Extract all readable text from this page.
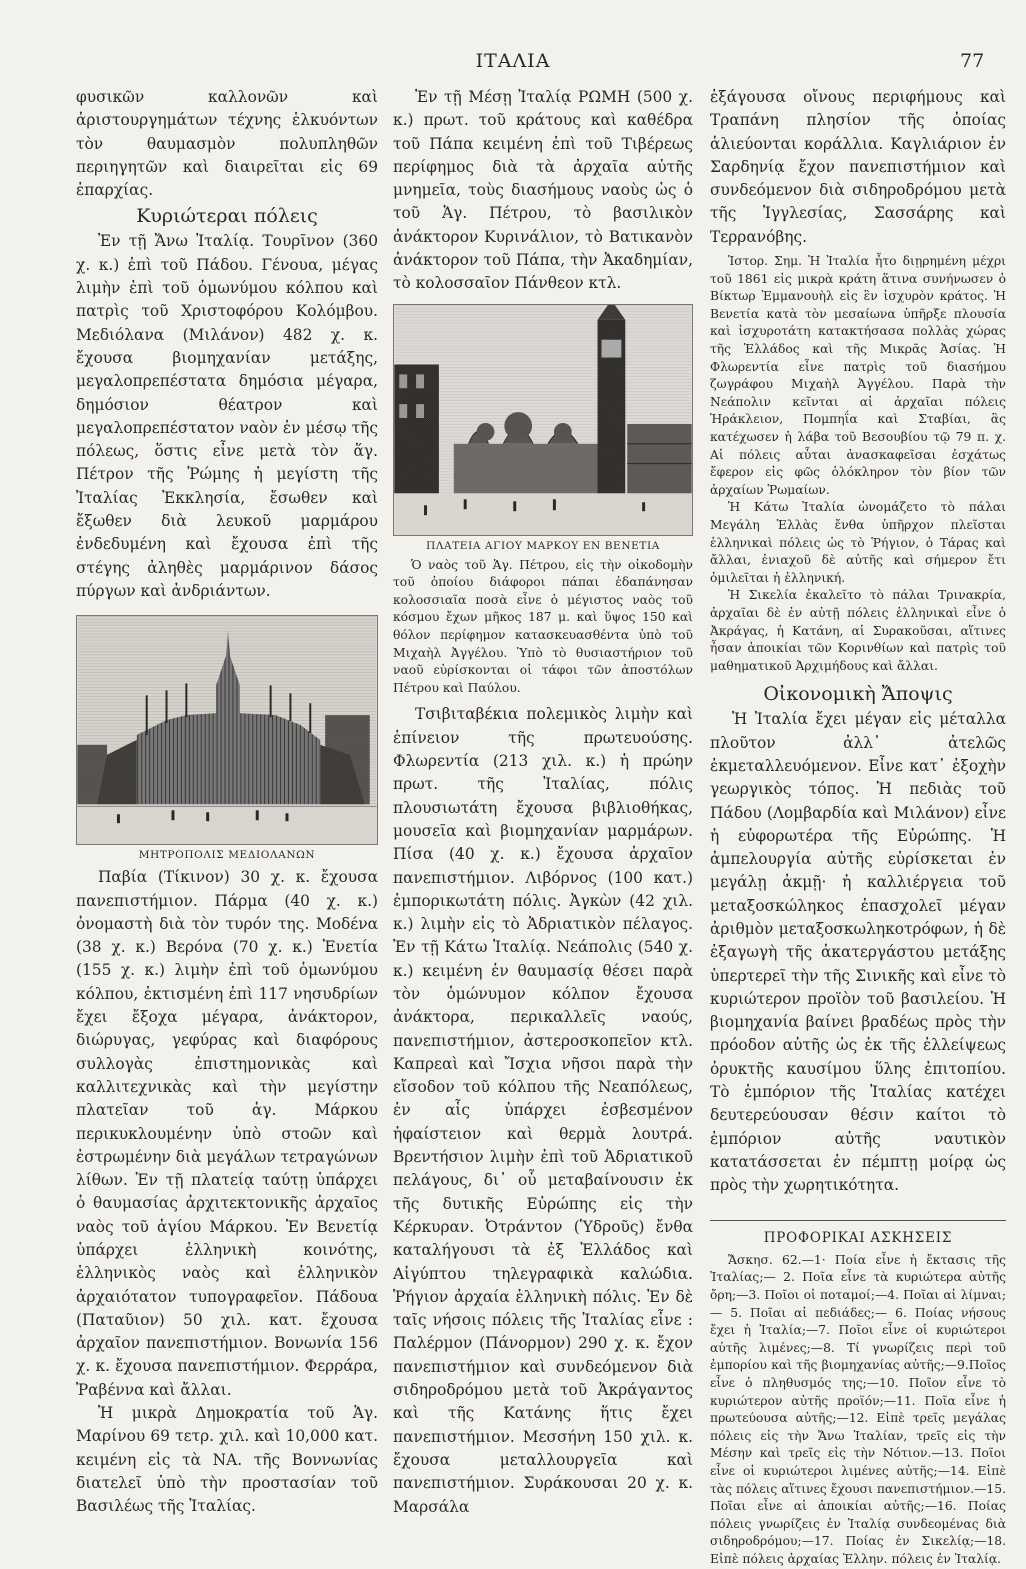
ΙΤΑΛΙΑ	77

φυσικῶν καλλονῶν καὶ ἀριστουργημάτων τέχνης ἑλκυόντων τὸν θαυμασμὸν πολυπληθῶν περιηγητῶν καὶ διαιρεῖται εἰς 69 ἐπαρχίας.

Κυριώτεραι πόλεις

Ἐν τῇ Ἄνω Ἰταλίᾳ. Τουρῖνον (360 χ. κ.) ἐπὶ τοῦ Πάδου. Γένουα, μέγας λιμὴν ἐπὶ τοῦ ὁμωνύμου κόλπου καὶ πατρὶς τοῦ Χριστοφόρου Κολόμβου. Μεδιόλανα (Μιλάνον) 482 χ. κ. ἔχουσα βιομηχανίαν μετάξης, μεγαλοπρεπέστατα δημόσια μέγαρα, δημόσιον θέατρον καὶ μεγαλοπρεπέστατον ναὸν ἐν μέσῳ τῆς πόλεως, ὅστις εἶνε μετὰ τὸν ἅγ. Πέτρον τῆς Ῥώμης ἡ μεγίστη τῆς Ἰταλίας Ἐκκλησία, ἔσωθεν καὶ ἔξωθεν διὰ λευκοῦ μαρμάρου ἐνδεδυμένη καὶ ἔχουσα ἐπὶ τῆς στέγης ἀληθὲς μαρμάρινον δάσος πύργων καὶ ἀνδριάντων.

ΜΗΤΡΟΠΟΛΙΣ ΜΕΔΙΟΛΑΝΩΝ

Παβία (Τίκινον) 30 χ. κ. ἔχουσα πανεπιστήμιον. Πάρμα (40 χ. κ.) ὀνομαστὴ διὰ τὸν τυρόν της. Μοδένα (38 χ. κ.) Βερόνα (70 χ. κ.) Ἐνετία (155 χ. κ.) λιμὴν ἐπὶ τοῦ ὁμωνύμου κόλπου, ἐκτισμένη ἐπὶ 117 νησυδρίων ἔχει ἔξοχα μέγαρα, ἀνάκτορον, διώρυγας, γεφύρας καὶ διαφόρους συλλογὰς ἐπιστημονικὰς καὶ καλλιτεχνικὰς καὶ τὴν μεγίστην πλατεῖαν τοῦ ἁγ. Μάρκου περικυκλουμένην ὑπὸ στοῶν καὶ ἐστρωμένην διὰ μεγάλων τετραγώνων λίθων. Ἐν τῇ πλατείᾳ ταύτῃ ὑπάρχει ὁ θαυμασίας ἀρχιτεκτονικῆς ἀρχαῖος ναὸς τοῦ ἁγίου Μάρκου. Ἐν Βενετίᾳ ὑπάρχει ἑλληνικὴ κοινότης, ἑλληνικὸς ναὸς καὶ ἑλληνικὸν ἀρχαιότατον τυπογραφεῖον. Πάδουα (Παταῦιον) 50 χιλ. κατ. ἔχουσα ἀρχαῖον πανεπιστήμιον. Βονωνία 156 χ. κ. ἔχουσα πανεπιστήμιον. Φερράρα, Ῥαβέννα καὶ ἄλλαι.

Ἡ μικρὰ Δημοκρατία τοῦ Ἁγ. Μαρίνου 69 τετρ. χιλ. καὶ 10,000 κατ. κειμένη εἰς τὰ ΝΑ. τῆς Βοννωνίας διατελεῖ ὑπὸ τὴν προστασίαν τοῦ Βασιλέως τῆς Ἰταλίας.

Ἐν τῇ Μέσῃ Ἰταλίᾳ ΡΩΜΗ (500 χ. κ.) πρωτ. τοῦ κράτους καὶ καθέδρα τοῦ Πάπα κειμένη ἐπὶ τοῦ Τιβέρεως περίφημος διὰ τὰ ἀρχαῖα αὐτῆς μνημεῖα, τοὺς διασήμους ναοὺς ὡς ὁ τοῦ Ἁγ. Πέτρου, τὸ βασιλικὸν ἀνάκτορον Κυρινάλιον, τὸ Βατικανὸν ἀνάκτορον τοῦ Πάπα, τὴν Ἀκαδημίαν, τὸ κολοσσαῖον Πάνθεον κτλ.

ΠΛΑΤΕΙΑ ΑΓΙΟΥ ΜΑΡΚΟΥ ΕΝ ΒΕΝΕΤΙΑ

Ὁ ναὸς τοῦ Ἁγ. Πέτρου, εἰς τὴν οἰκοδομὴν τοῦ ὁποίου διάφοροι πάπαι ἐδαπάνησαν κολοσσιαῖα ποσὰ εἶνε ὁ μέγιστος ναὸς τοῦ κόσμου ἔχων μῆκος 187 μ. καὶ ὕψος 150 καὶ θόλον περίφημον κατασκευασθέντα ὑπὸ τοῦ Μιχαὴλ Ἀγγέλου. Ὑπὸ τὸ θυσιαστήριον τοῦ ναοῦ εὑρίσκονται οἱ τάφοι τῶν ἀποστόλων Πέτρου καὶ Παύλου.

Τσιβιταβέκια πολεμικὸς λιμὴν καὶ ἐπίνειον τῆς πρωτευούσης. Φλωρεντία (213 χιλ. κ.) ἡ πρώην πρωτ. τῆς Ἰταλίας, πόλις πλουσιωτάτη ἔχουσα βιβλιοθήκας, μουσεῖα καὶ βιομηχανίαν μαρμάρων. Πίσα (40 χ. κ.) ἔχουσα ἀρχαῖον πανεπιστήμιον. Λιβόρνος (100 κατ.) ἐμπορικωτάτη πόλις. Ἀγκὼν (42 χιλ. κ.) λιμὴν εἰς τὸ Ἀδριατικὸν πέλαγος. Ἐν τῇ Κάτω Ἰταλίᾳ. Νεάπολις (540 χ. κ.) κειμένη ἐν θαυμασίᾳ θέσει παρὰ τὸν ὁμώνυμον κόλπον ἔχουσα ἀνάκτορα, περικαλλεῖς ναούς, πανεπιστήμιον, ἀστεροσκοπεῖον κτλ. Καπρεαὶ καὶ Ἴσχια νῆσοι παρὰ τὴν εἴσοδον τοῦ κόλπου τῆς Νεαπόλεως, ἐν αἷς ὑπάρχει ἐσβεσμένον ἡφαίστειον καὶ θερμὰ λουτρά. Βρεντήσιον λιμὴν ἐπὶ τοῦ Ἀδριατικοῦ πελάγους, δι᾽ οὗ μεταβαίνουσιν ἐκ τῆς δυτικῆς Εὐρώπης εἰς τὴν Κέρκυραν. Ὀτράντον (Ὑδροῦς) ἔνθα καταλήγουσι τὰ ἐξ Ἑλλάδος καὶ Αἰγύπτου τηλεγραφικὰ καλώδια. Ῥήγιον ἀρχαία ἑλληνικὴ πόλις. Ἐν δὲ ταῖς νήσοις πόλεις τῆς Ἰταλίας εἶνε : Παλέρμον (Πάνορμον) 290 χ. κ. ἔχον πανεπιστήμιον καὶ συνδεόμενον διὰ σιδηροδρόμου μετὰ τοῦ Ἀκράγαντος καὶ τῆς Κατάνης ἥτις ἔχει πανεπιστήμιον. Μεσσήνη 150 χιλ. κ. ἔχουσα μεταλλουργεῖα καὶ πανεπιστήμιον. Συράκουσαι 20 χ. κ. Μαρσάλα

ἐξάγουσα οἴνους περιφήμους καὶ Τραπάνη πλησίον τῆς ὁποίας ἁλιεύονται κοράλλια. Καγλιάριον ἐν Σαρδηνίᾳ ἔχον πανεπιστήμιον καὶ συνδεόμενον διὰ σιδηροδρόμου μετὰ τῆς Ἰγγλεσίας, Σασσάρης καὶ Τερρανόβης.

Ἱστορ. Σημ. Ἡ Ἰταλία ἦτο διῃρημένη μέχρι τοῦ 1861 εἰς μικρὰ κράτη ἅτινα συνήνωσεν ὁ Βίκτωρ Ἐμμανουὴλ εἰς ἓν ἰσχυρὸν κράτος. Ἡ Βενετία κατὰ τὸν μεσαίωνα ὑπῆρξε πλουσία καὶ ἰσχυροτάτη κατακτήσασα πολλὰς χώρας τῆς Ἑλλάδος καὶ τῆς Μικρᾶς Ἀσίας. Ἡ Φλωρεντία εἶνε πατρὶς τοῦ διασήμου ζωγράφου Μιχαὴλ Ἀγγέλου. Παρὰ τὴν Νεάπολιν κεῖνται αἱ ἀρχαῖαι πόλεις Ἡράκλειον, Πομπηΐα καὶ Σταβίαι, ἃς κατέχωσεν ἡ λάβα τοῦ Βεσουβίου τῷ 79 π. χ. Αἱ πόλεις αὗται ἀνασκαφεῖσαι ἐσχάτως ἔφερον εἰς φῶς ὁλόκληρον τὸν βίον τῶν ἀρχαίων Ῥωμαίων.

Ἡ Κάτω Ἰταλία ὠνομάζετο τὸ πάλαι Μεγάλη Ἑλλὰς ἔνθα ὑπῆρχον πλεῖσται ἑλληνικαὶ πόλεις ὡς τὸ Ῥήγιον, ὁ Τάρας καὶ ἄλλαι, ἐνιαχοῦ δὲ αὐτῆς καὶ σήμερον ἔτι ὁμιλεῖται ἡ ἑλληνική.

Ἡ Σικελία ἐκαλεῖτο τὸ πάλαι Τρινακρία, ἀρχαῖαι δὲ ἐν αὐτῇ πόλεις ἑλληνικαὶ εἶνε ὁ Ἀκράγας, ἡ Κατάνη, αἱ Συρακοῦσαι, αἵτινες ἦσαν ἀποικίαι τῶν Κορινθίων καὶ πατρὶς τοῦ μαθηματικοῦ Ἀρχιμήδους καὶ ἄλλαι.

Οἰκονομικὴ Ἄποψις

Ἡ Ἰταλία ἔχει μέγαν εἰς μέταλλα πλοῦτον ἀλλ᾽ ἀτελῶς ἐκμεταλλευόμενον. Εἶνε κατ᾽ ἐξοχὴν γεωργικὸς τόπος. Ἡ πεδιὰς τοῦ Πάδου (Λομβαρδία καὶ Μιλάνον) εἶνε ἡ εὐφορωτέρα τῆς Εὐρώπης. Ἡ ἀμπελουργία αὐτῆς εὑρίσκεται ἐν μεγάλῃ ἀκμῇ· ἡ καλλιέργεια τοῦ μεταξοσκώληκος ἐπασχολεῖ μέγαν ἀριθμὸν μεταξοσκωληκοτρόφων, ἡ δὲ ἐξαγωγὴ τῆς ἀκατεργάστου μετάξης ὑπερτερεῖ τὴν τῆς Σινικῆς καὶ εἶνε τὸ κυριώτερον προϊὸν τοῦ βασιλείου. Ἡ βιομηχανία βαίνει βραδέως πρὸς τὴν πρόοδον αὐτῆς ὡς ἐκ τῆς ἐλλείψεως ὀρυκτῆς καυσίμου ὕλης ἐπιτοπίου. Τὸ ἐμπόριον τῆς Ἰταλίας κατέχει δευτερεύουσαν θέσιν καίτοι τὸ ἐμπόριον αὐτῆς ναυτικὸν κατατάσσεται ἐν πέμπτῃ μοίρᾳ ὡς πρὸς τὴν χωρητικότητα.

ΠΡΟΦΟΡΙΚΑΙ ΑΣΚΗΣΕΙΣ

Ἄσκησ. 62.—1· Ποία εἶνε ἡ ἔκτασις τῆς Ἰταλίας;— 2. Ποῖα εἶνε τὰ κυριώτερα αὐτῆς ὄρη;—3. Ποῖοι οἱ ποταμοί;—4. Ποῖαι αἱ λίμναι;— 5. Ποῖαι αἱ πεδιάδες;— 6. Ποίας νήσους ἔχει ἡ Ἰταλία;—7. Ποῖοι εἶνε οἱ κυριώτεροι αὐτῆς λιμένες;—8. Τί γνωρίζεις περὶ τοῦ ἐμπορίου καὶ τῆς βιομηχανίας αὐτῆς;—9.Ποῖος εἶνε ὁ πληθυσμός της;—10. Ποῖον εἶνε τὸ κυριώτερον αὐτῆς προϊόν;—11. Ποῖα εἶνε ἡ πρωτεύουσα αὐτῆς;—12. Εἰπὲ τρεῖς μεγάλας πόλεις εἰς τὴν Ἄνω Ἰταλίαν, τρεῖς εἰς τὴν Μέσην καὶ τρεῖς εἰς τὴν Νότιον.—13. Ποῖοι εἶνε οἱ κυριώτεροι λιμένες αὐτῆς;—14. Εἰπὲ τὰς πόλεις αἵτινες ἔχουσι πανεπιστήμιον.—15. Ποῖαι εἶνε αἱ ἀποικίαι αὐτῆς;—16. Ποίας πόλεις γνωρίζεις ἐν Ἰταλίᾳ συνδεομένας διὰ σιδηροδρόμου;—17. Ποίας ἐν Σικελίᾳ;—18. Εἰπὲ πόλεις ἀρχαίας Ἑλλην. πόλεις ἐν Ἰταλίᾳ.
